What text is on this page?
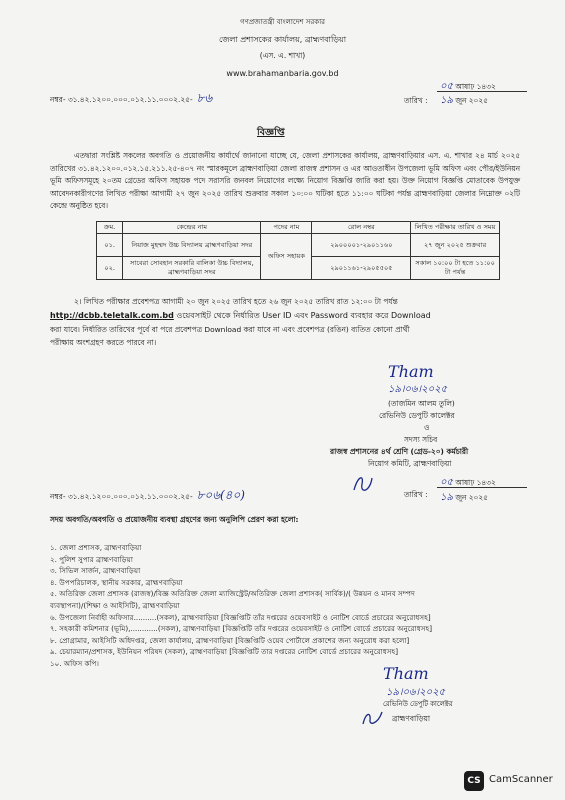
গণপ্রজাতন্ত্রী বাংলাদেশ সরকার
জেলা প্রশাসকের কার্যালয়, ব্রাহ্মণবাড়িয়া
(এস. এ. শাখা)
www.brahamanbaria.gov.bd
নম্বর- ৩১.৪২.১২০০.০০০.০১২.১১.০০০২.২৫- ৮৬
০৫ আষাঢ় ১৪৩২
তারিখ : ১৯ জুন ২০২৫
বিজ্ঞপ্তি
এতদ্বারা সংশ্লিষ্ট সকলের অবগতি ও প্রয়োজনীয় কার্যার্থে জানানো যাচ্ছে যে, জেলা প্রশাসকের কার্যালয়, ব্রাহ্মণবাড়িয়ার এস. এ. শাখার ২৪ মার্চ ২০২৫ তারিখের ৩১.৪২.১২০০.০১২.১৫.২১১.২৫-৪০৭ নং স্মারকমূলে ব্রাহ্মণবাড়িয়া জেলা রাজস্ব প্রশাসন ও এর আওতাধীন উপজেলা ভূমি অফিস এবং পৌর/ইউনিয়ন ভূমি অফিসসমূহে ২০তম গ্রেডের অফিস সহায়ক পদে সরাসরি জনবল নিয়োগের লক্ষ্যে নিয়োগ বিজ্ঞপ্তি জারি করা হয়। উক্ত নিয়োগ বিজ্ঞপ্তি মোতাবেক উপযুক্ত আবেদনকারীগণের লিখিত পরীক্ষা আগামী ২৭ জুন ২০২৫ তারিখ শুক্রবার সকাল ১০:০০ ঘটিকা হতে ১১:০০ ঘটিকা পর্যন্ত ব্রাহ্মণবাড়িয়া জেলার নিম্নোক্ত ০২টি কেন্দ্রে অনুষ্ঠিত হবে।
ক্রম.	কেন্দ্রের নাম	পদের নাম	রোল নম্বর	লিখিত পরীক্ষার তারিখ ও সময়
০১.	নিয়াজ মুহম্মদ উচ্চ বিদ্যালয় ব্রাহ্মণবাড়িয়া সদর	অফিস সহায়ক	২৯০০০০১-২৯০১১৬০	২৭ জুন ২০২৫ শুক্রবার
০২.	সাবেরা সোবহান সরকারি বালিকা উচ্চ বিদ্যালয়, ব্রাহ্মণবাড়িয়া সদর		২৯০১১৬১-২৯০৫৫০৫	সকাল ১০:০০ টা হতে ১১:০০ টা পর্যন্ত
২। লিখিত পরীক্ষার প্রবেশপত্র আগামী ২০ জুন ২০২৫ তারিখ হতে ২৬ জুন ২০২৫ তারিখ রাত ১২:০০ টা পর্যন্ত
http://dcbb.teletalk.com.bd ওয়েবসাইট থেকে নির্ধারিত User ID এবং Password ব্যবহার করে Download
করা যাবে। নির্ধারিত তারিখের পূর্বে বা পরে প্রবেশপত্র Download করা যাবে না এবং প্রবেশপত্র (রঙিন) ব্যতিত কোনো প্রার্থী
পরীক্ষায় অংশগ্রহণ করতে পারবে না।
Tham
১৯।০৬।২০২৫
(তাজমিন আলম তুলি)
রেভিনিউ ডেপুটি কালেক্টর
ও
সদস্য সচিব
রাজস্ব প্রশাসনের ৪র্থ শ্রেণি (গ্রেড-২০) কর্মচারী
নিয়োগ কমিটি, ব্রাহ্মণবাড়িয়া
নম্বর- ৩১.৪২.১২০০.০০০.০১২.১১.০০০২.২৫- ৮০৬(৪০)
০৫ আষাঢ় ১৪৩২
তারিখ : ১৯ জুন ২০২৫
সদয় অবগতি/অবগতি ও প্রয়োজনীয় ব্যবস্থা গ্রহণের জন্য অনুলিপি প্রেরণ করা হলো:
১. জেলা প্রশাসক, ব্রাহ্মণবাড়িয়া
২. পুলিশ সুপার ব্রাহ্মণবাড়িয়া
৩. সিভিল সার্জন, ব্রাহ্মণবাড়িয়া
৪. উপপরিচালক, স্থানীয় সরকার, ব্রাহ্মণবাড়িয়া
৫. অতিরিক্ত জেলা প্রশাসক (রাজস্ব)/বিজ্ঞ অতিরিক্ত জেলা ম্যাজিস্ট্রেট/অতিরিক্ত জেলা প্রশাসক( সার্বিক)/( উন্নয়ন ও মানব সম্পদ
ব্যবস্থাপনা)/(শিক্ষা ও আইসিটি), ব্রাহ্মণবাড়িয়া
৬. উপজেলা নির্বাহী অফিসার..........(সকল), ব্রাহ্মণবাড়িয়া [বিজ্ঞপ্তিটি তাঁর দপ্তরের ওয়েবসাইট ও নোটিশ বোর্ডে প্রচারের অনুরোধসহ]
৭. সহকারী কমিশনার (ভূমি),............(সকল), ব্রাহ্মণবাড়িয়া [বিজ্ঞপ্তিটি তাঁর দপ্তরের ওয়েবসাইট ও নোটিশ বোর্ডে প্রচারের অনুরোধসহ]
৮. প্রোগ্রামার, আইসিটি অধিদপ্তর, জেলা কার্যালয়, ব্রাহ্মণবাড়িয়া [বিজ্ঞপ্তিটি ওয়েব পোর্টালে প্রকাশের জন্য অনুরোধ করা হলো]
৯. চেয়ারম্যান/প্রশাসক, ইউনিয়ন পরিষদ (সকল), ব্রাহ্মণবাড়িয়া [বিজ্ঞপ্তিটি তার দপ্তরের নোটিশ বোর্ডে প্রচারের অনুরোধসহ]
১০. অফিস কপি।
Tham
১৯।০৬।২০২৫
রেভিনিউ ডেপুটি কালেক্টর
ব্রাহ্মণবাড়িয়া
CS CamScanner
